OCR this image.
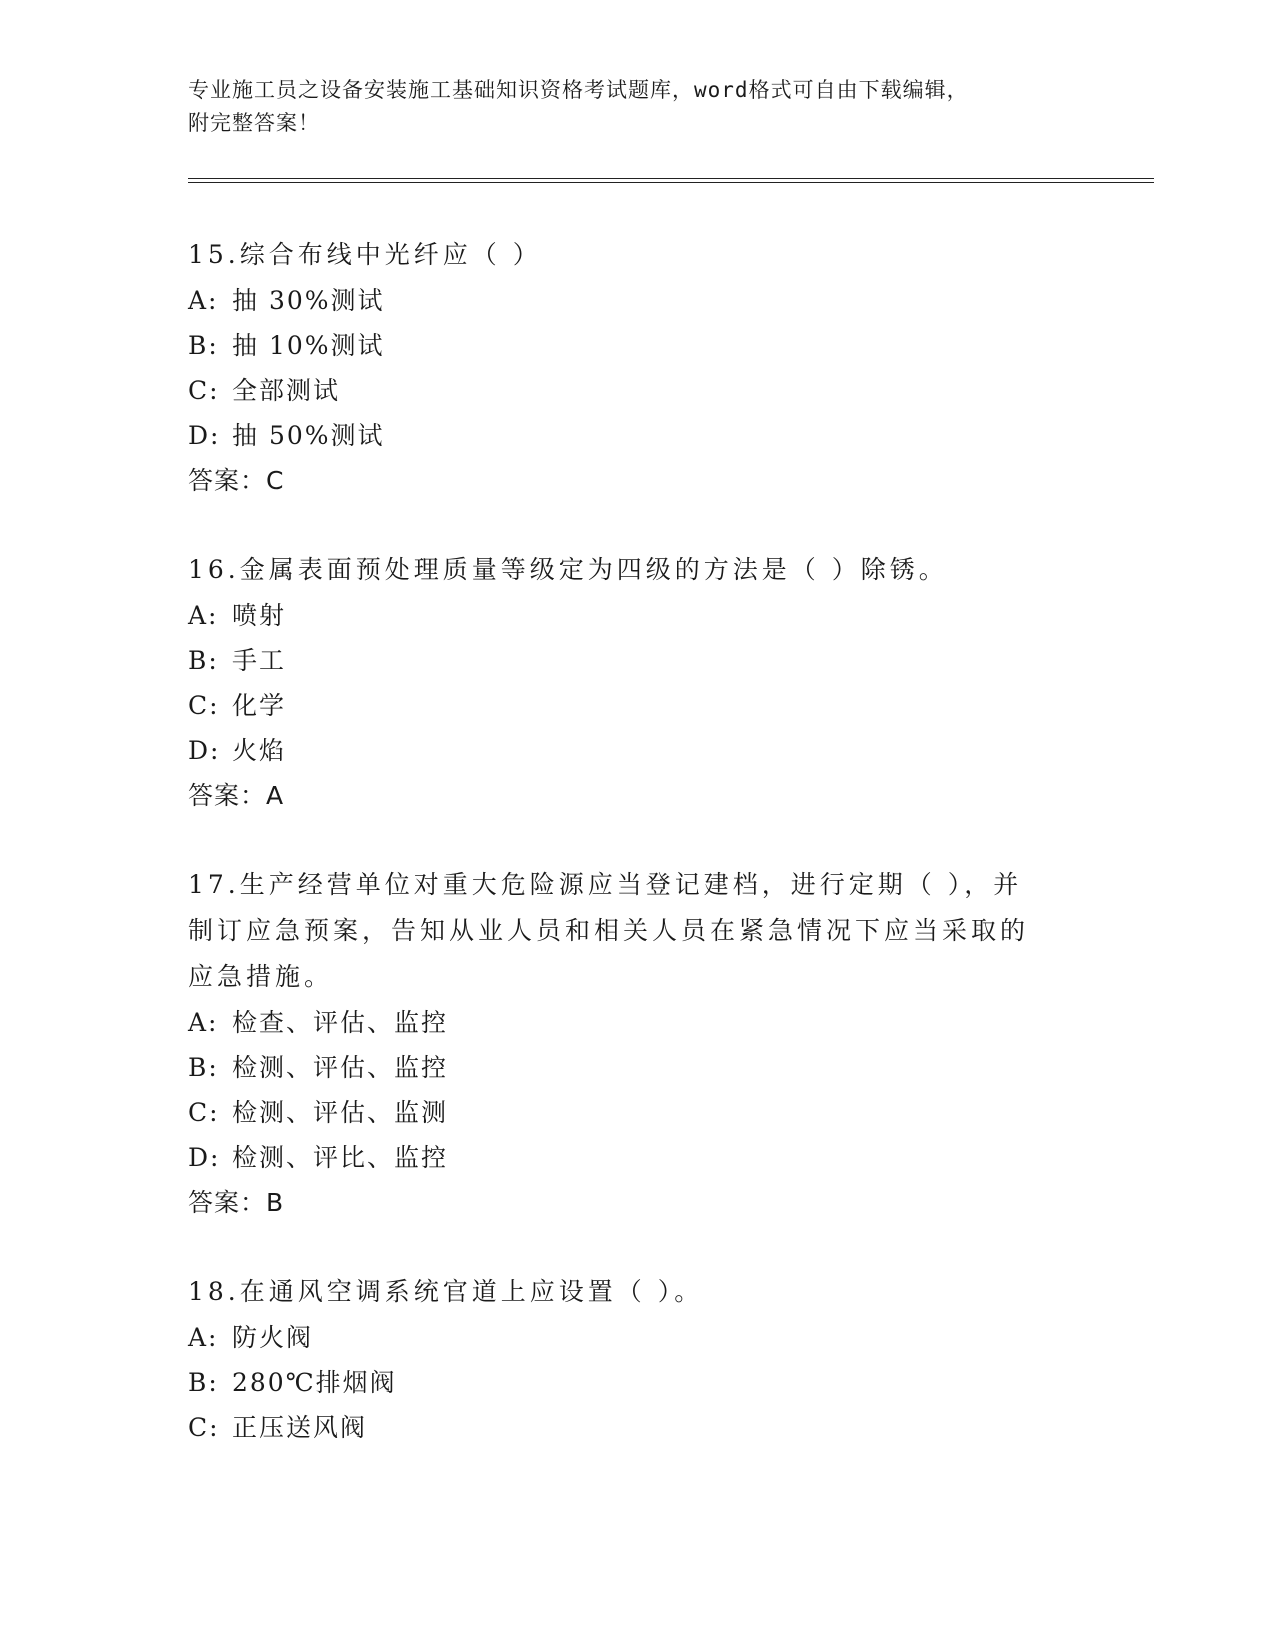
专业施工员之设备安装施工基础知识资格考试题库，word格式可自由下载编辑，
附完整答案！
15.综合布线中光纤应（ ）
A: 抽 30%测试
B: 抽 10%测试
C: 全部测试
D: 抽 50%测试
答案：C
16.金属表面预处理质量等级定为四级的方法是（ ）除锈。
A: 喷射
B: 手工
C: 化学
D: 火焰
答案：A
17.生产经营单位对重大危险源应当登记建档，进行定期（ ），并制订应急预案，告知从业人员和相关人员在紧急情况下应当采取的应急措施。
A: 检查、评估、监控
B: 检测、评估、监控
C: 检测、评估、监测
D: 检测、评比、监控
答案：B
18.在通风空调系统官道上应设置（ ）。
A: 防火阀
B: 280℃排烟阀
C: 正压送风阀
